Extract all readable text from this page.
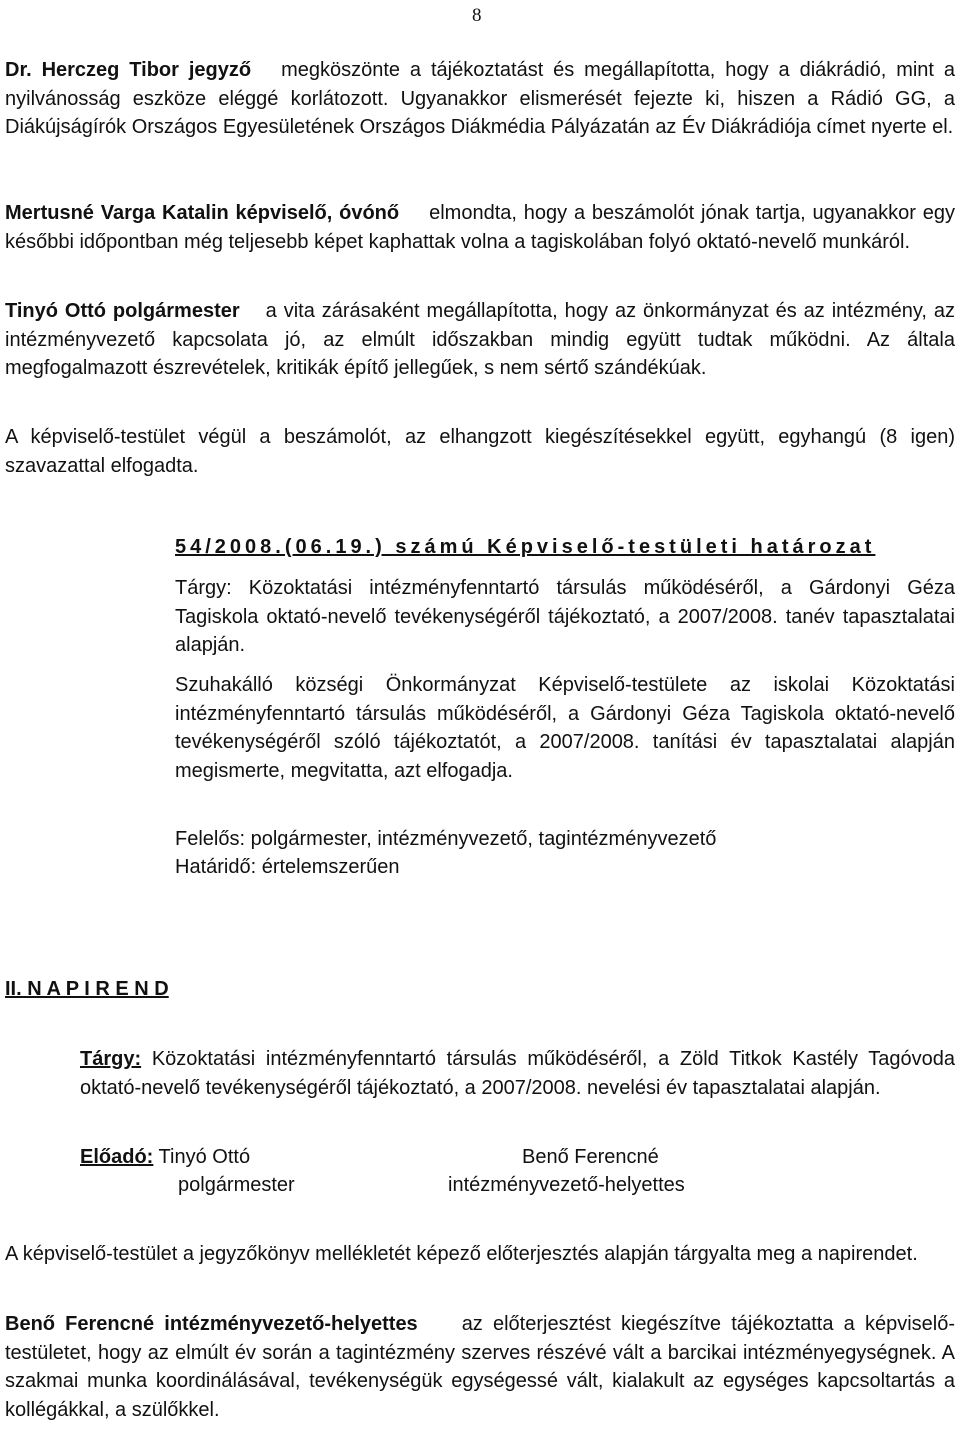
8

Dr. Herczeg Tibor jegyző megköszönte a tájékoztatást és megállapította, hogy a diákrádió, mint a nyilvánosság eszköze eléggé korlátozott. Ugyanakkor elismerését fejezte ki, hiszen a Rádió GG, a Diákújságírók Országos Egyesületének Országos Diákmédia Pályázatán az Év Diákrádiója címet nyerte el.

Mertusné Varga Katalin képviselő, óvónő elmondta, hogy a beszámolót jónak tartja, ugyanakkor egy későbbi időpontban még teljesebb képet kaphattak volna a tagiskolában folyó oktató-nevelő munkáról.

Tinyó Ottó polgármester a vita zárásaként megállapította, hogy az önkormányzat és az intézmény, az intézményvezető kapcsolata jó, az elmúlt időszakban mindig együtt tudtak működni. Az általa megfogalmazott észrevételek, kritikák építő jellegűek, s nem sértő szándékúak.

A képviselő-testület végül a beszámolót, az elhangzott kiegészítésekkel együtt, egyhangú (8 igen) szavazattal elfogadta.

54/2008.(06.19.) számú Képviselő-testületi határozat

Tárgy: Közoktatási intézményfenntartó társulás működéséről, a Gárdonyi Géza Tagiskola oktató-nevelő tevékenységéről tájékoztató, a 2007/2008. tanév tapasztalatai alapján.

Szuhakálló községi Önkormányzat Képviselő-testülete az iskolai Közoktatási intézményfenntartó társulás működéséről, a Gárdonyi Géza Tagiskola oktató-nevelő tevékenységéről szóló tájékoztatót, a 2007/2008. tanítási év tapasztalatai alapján megismerte, megvitatta, azt elfogadja.

Felelős: polgármester, intézményvezető, tagintézményvezető
Határidő: értelemszerűen
II. N A P I R E N D

Tárgy: Közoktatási intézményfenntartó társulás működéséről, a Zöld Titkok Kastély Tagóvoda oktató-nevelő tevékenységéről tájékoztató, a 2007/2008. nevelési év tapasztalatai alapján.

Előadó: Tinyó Ottó	Benő Ferencné
polgármester	intézményvezető-helyettes

A képviselő-testület a jegyzőkönyv mellékletét képező előterjesztés alapján tárgyalta meg a napirendet.

Benő Ferencné intézményvezető-helyettes az előterjesztést kiegészítve tájékoztatta a képviselő-testületet, hogy az elmúlt év során a tagintézmény szerves részévé vált a barcikai intézményegységnek. A szakmai munka koordinálásával, tevékenységük egységessé vált, kialakult az egységes kapcsoltartás a kollégákkal, a szülőkkel.
